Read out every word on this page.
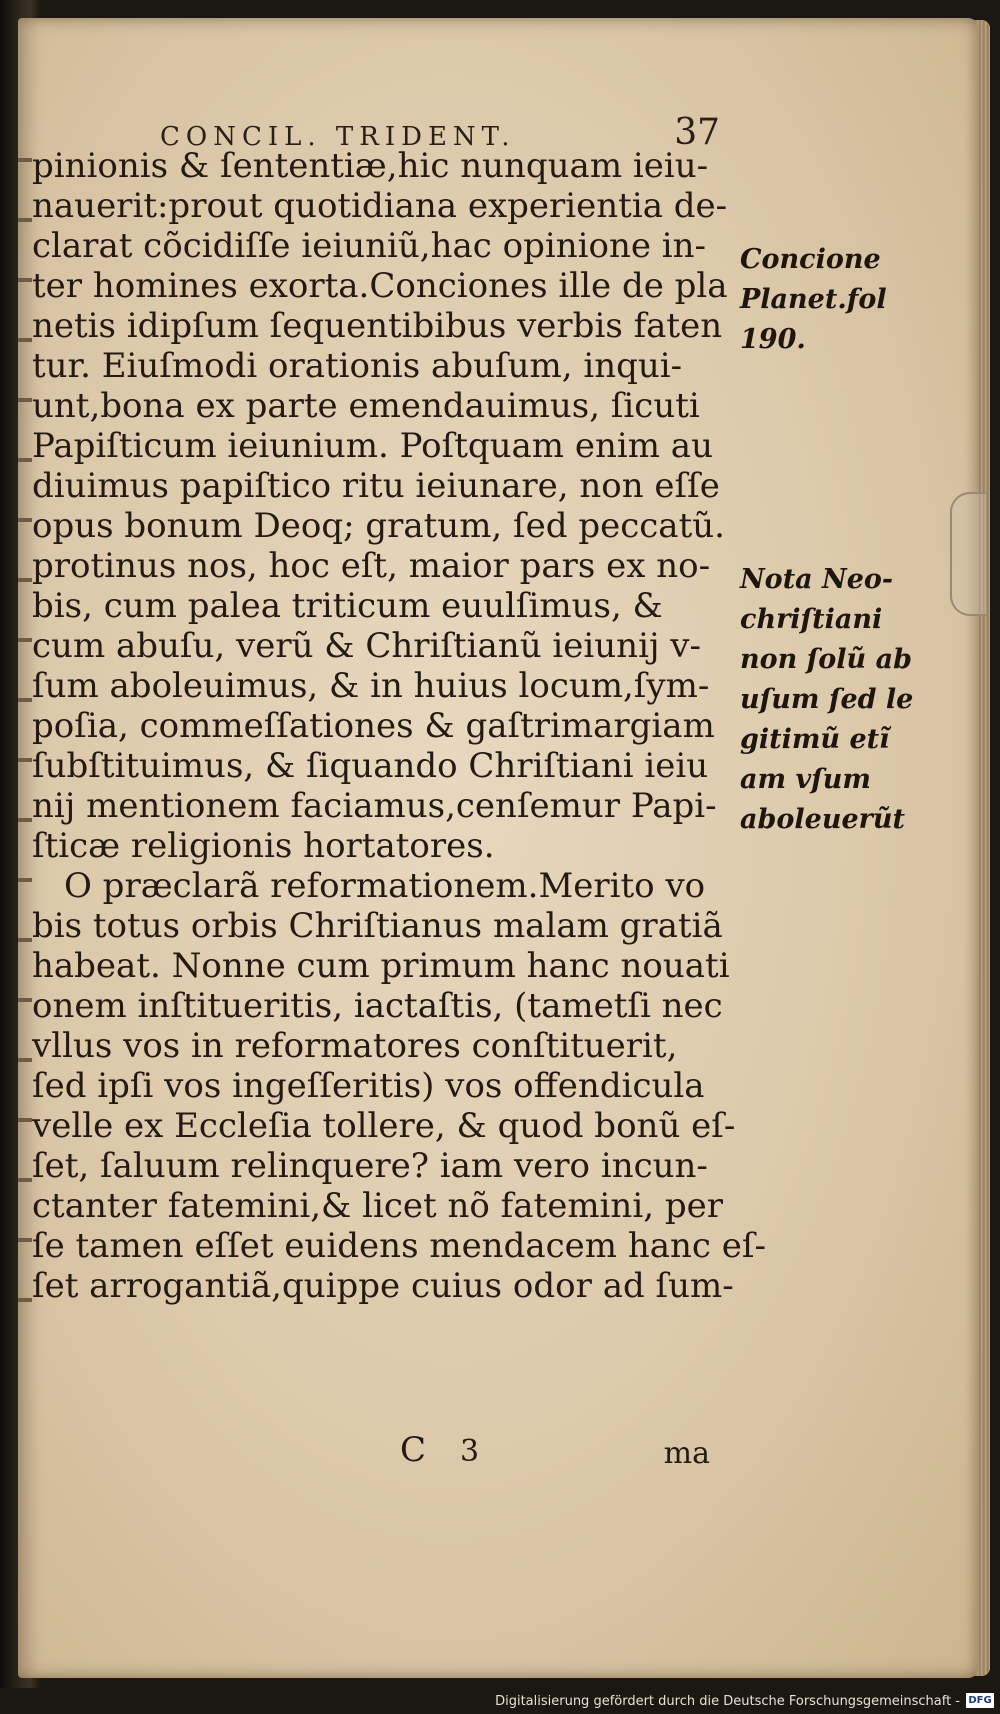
CONCIL. TRIDENT.	37
pinionis & ſententiæ,hic nunquam ieiu-
nauerit:prout quotidiana experientia de-
clarat cõcidiſſe ieiuniũ,hac opinione in-
ter homines exorta.Conciones ille de pla
netis idipſum ſequentibibus verbis faten
tur. Eiuſmodi orationis abuſum, inqui-
unt,bona ex parte emendauimus, ſicuti
Papiſticum ieiunium. Poſtquam enim au
diuimus papiſtico ritu ieiunare, non eſſe
opus bonum Deoq; gratum, ſed peccatũ.
protinus nos, hoc eſt, maior pars ex no-
bis, cum palea triticum euulſimus, &
cum abuſu, verũ & Chriſtianũ ieiunij v-
ſum aboleuimus, & in huius locum,ſym-
poſia, commeſſationes & gaſtrimargiam
ſubſtituimus, & ſiquando Chriſtiani ieiu
nij mentionem faciamus,cenſemur Papi-
ſticæ religionis hortatores.
O præclarã reformationem.Merito vo
bis totus orbis Chriſtianus malam gratiã
habeat. Nonne cum primum hanc nouati
onem inſtitueritis, iactaſtis, (tametſi nec
vllus vos in reformatores conſtituerit,
ſed ipſi vos ingeſſeritis) vos offendicula
velle ex Eccleſia tollere, & quod bonũ eſ-
ſet, ſaluum relinquere? iam vero incun-
ctanter fatemini,& licet nõ fatemini, per
ſe tamen eſſet euidens mendacem hanc eſ-
ſet arrogantiã,quippe cuius odor ad ſum-
Concione
Planet.fol
190.
Nota Neo-
chriſtiani
non ſolũ ab
uſum ſed le
gitimũ etĩ
am vſum
aboleuerũt
C 3	ma
Digitalisierung gefördert durch die Deutsche Forschungsgemeinschaft - DFG
